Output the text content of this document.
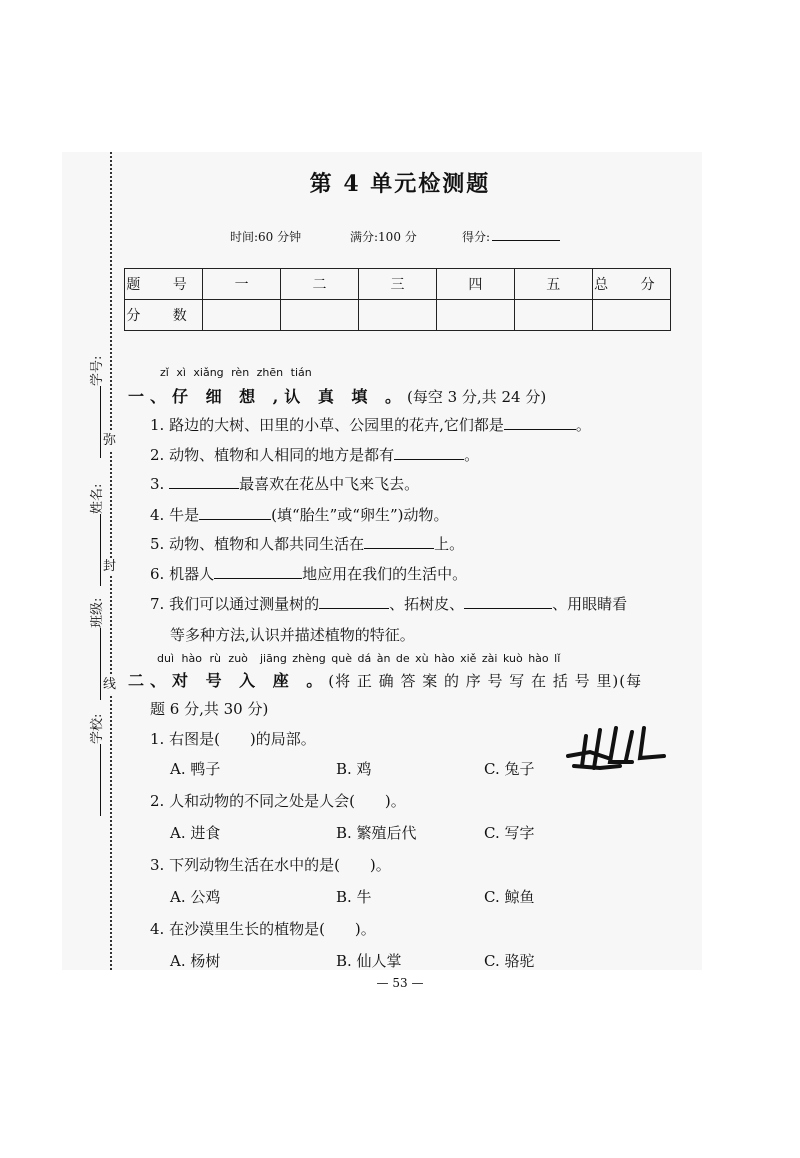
学号:
姓名:
班级:
学校:
弥
封
线
第 4 单元检测题
时间:60 分钟	满分:100 分	得分:
题 号	一	二	三	四	五	总 分
分 数						
zǐ xì xiǎng rèn zhēn tián
一、仔 细 想 ,认 真 填 。(每空 3 分,共 24 分)
1. 路边的大树、田里的小草、公园里的花卉,它们都是	。
2. 动物、植物和人相同的地方是都有	。
3.	最喜欢在花丛中飞来飞去。
4. 牛是	(填“胎生”或“卵生”)动物。
5. 动物、植物和人都共同生活在	上。
6. 机器人	地应用在我们的生活中。
7. 我们可以通过测量树的	、拓树皮、	、用眼睛看
等多种方法,认识并描述植物的特征。
duì hào rù zuò jiāng zhèng què dá àn de xù hào xiě zài kuò hào lǐ
二、对 号 入 座 。(将 正 确 答 案 的 序 号 写 在 括 号 里)(每
题 6 分,共 30 分)
1. 右图是(　　)的局部。
A. 鸭子	B. 鸡	C. 兔子
2. 人和动物的不同之处是人会(　　)。
A. 进食	B. 繁殖后代	C. 写字
3. 下列动物生活在水中的是(　　)。
A. 公鸡	B. 牛	C. 鲸鱼
4. 在沙漠里生长的植物是(　　)。
A. 杨树	B. 仙人掌	C. 骆驼
— 53 —
